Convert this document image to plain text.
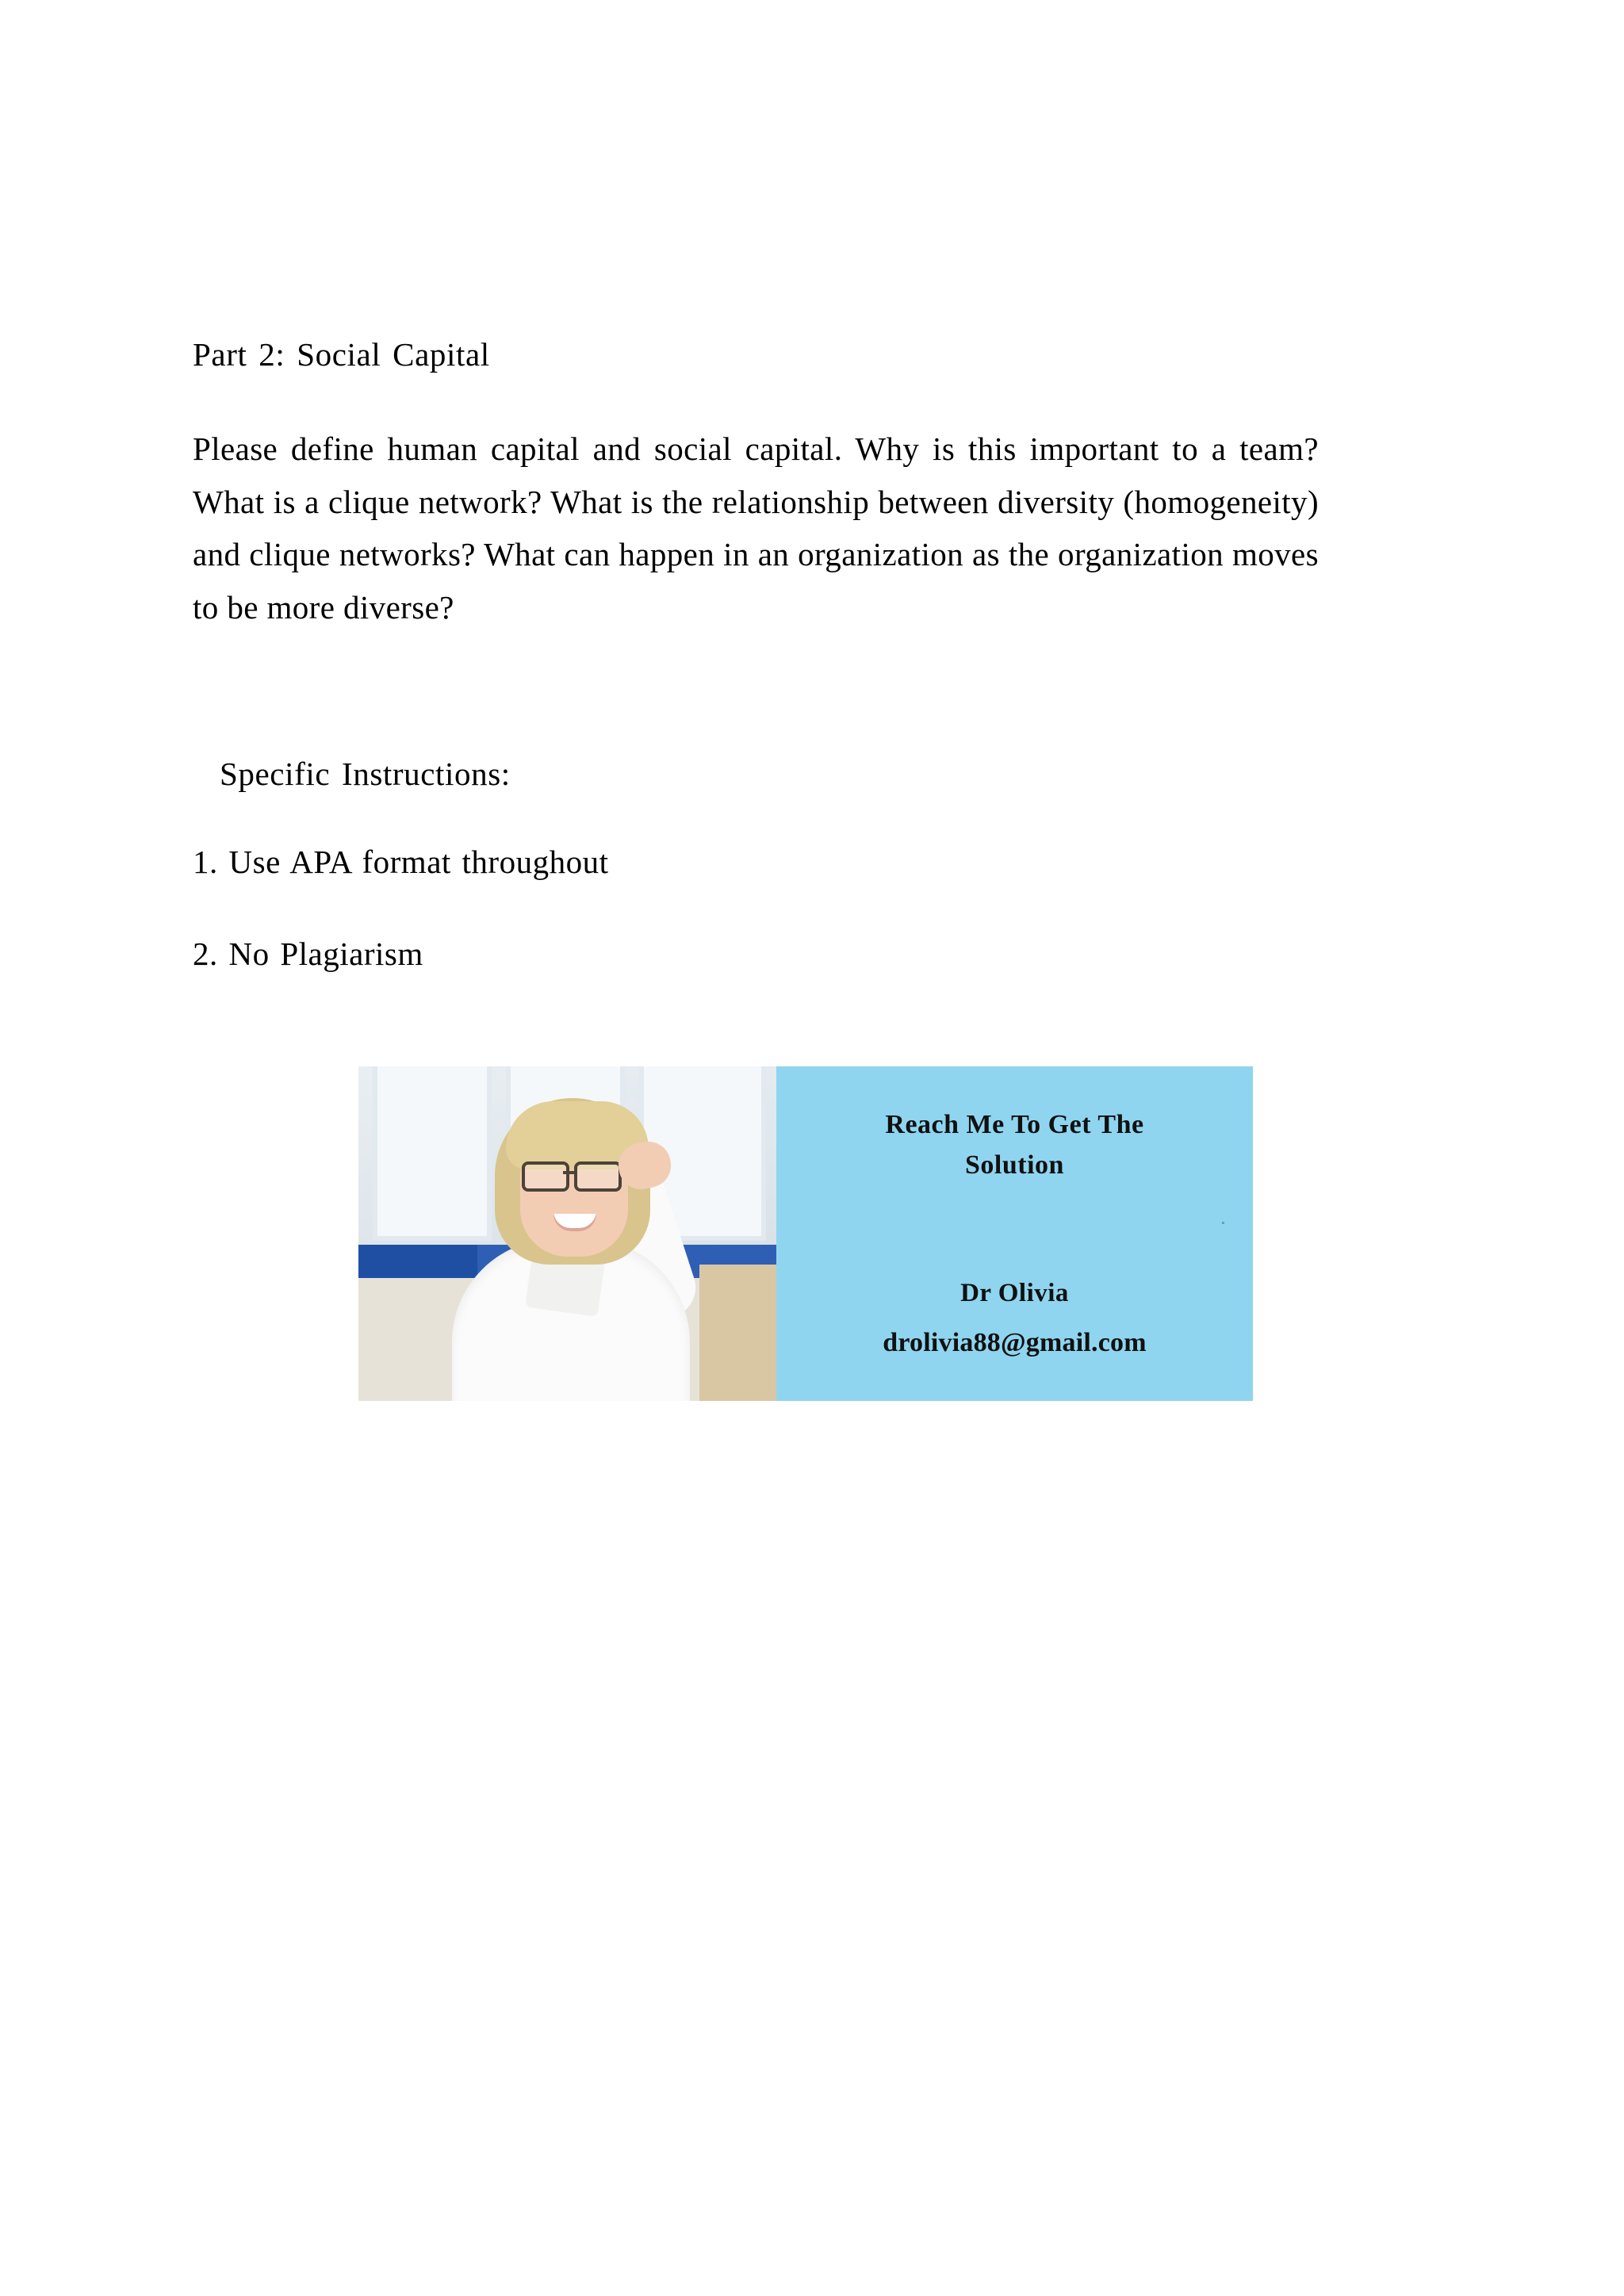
Part 2: Social Capital

Please define human capital and social capital. Why is this important to a team? What is a clique network? What is the relationship between diversity (homogeneity) and clique networks? What can happen in an organization as the organization moves to be more diverse?

Specific Instructions:

1. Use APA format throughout

2. No Plagiarism

Reach Me To Get The
Solution
Dr Olivia
drolivia88@gmail.com
